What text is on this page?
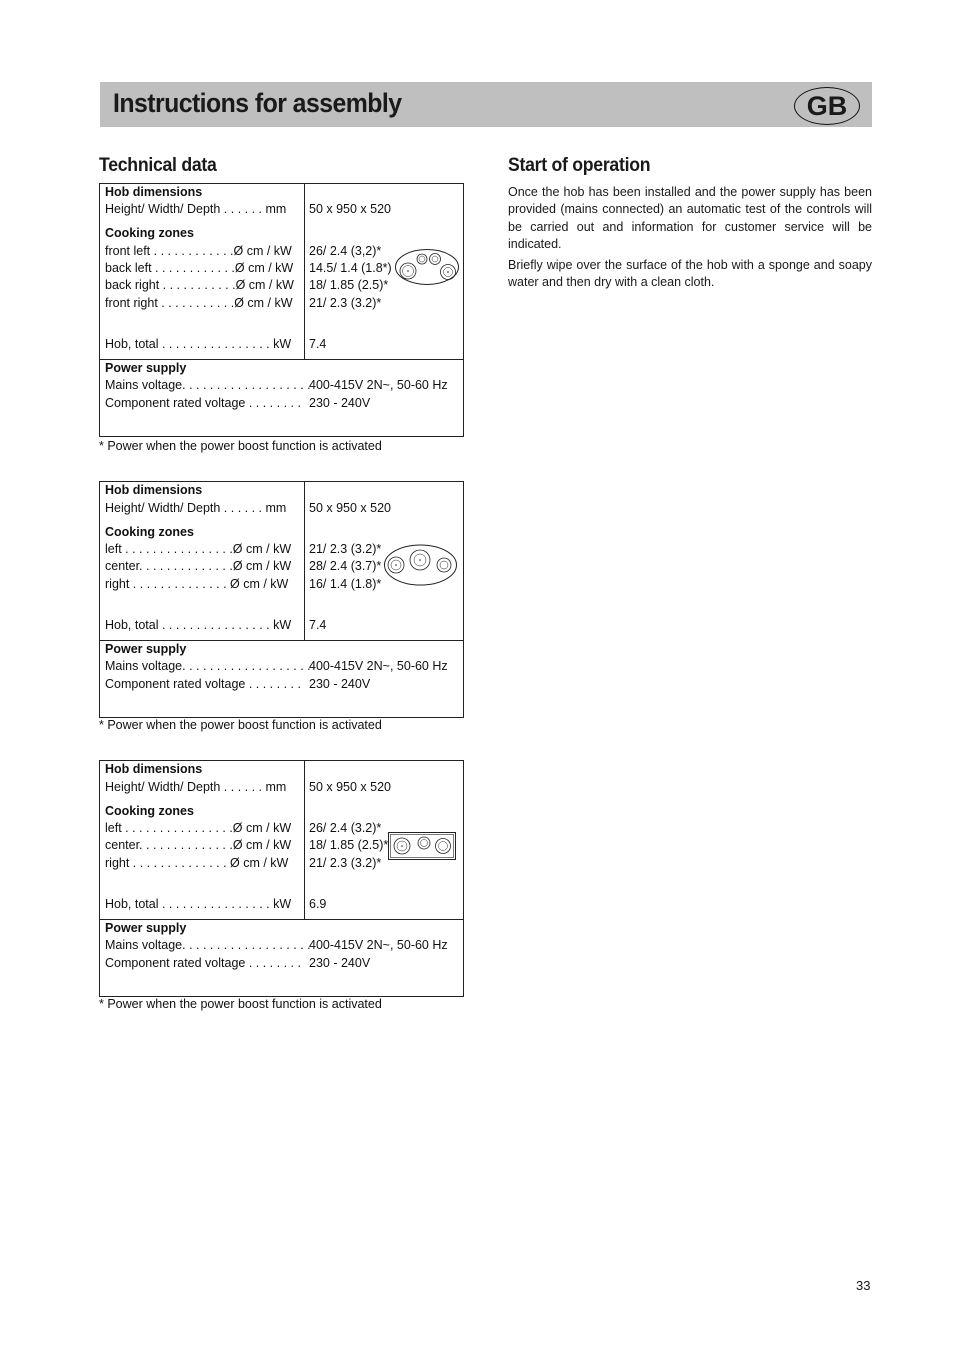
Instructions for assembly	GB
Technical data	Start of operation
Hob dimensions
Height/ Width/ Depth . . . . . . mm 50 x 950 x 520
Cooking zones
front left . . . . . . . . . . . .Ø cm / kW 26/ 2.4 (3,2)*
back left . . . . . . . . . . . .Ø cm / kW 14.5/ 1.4 (1.8*)
back right . . . . . . . . . . .Ø cm / kW 18/ 1.85 (2.5)*
front right . . . . . . . . . . .Ø cm / kW 21/ 2.3 (3.2)*
Hob, total . . . . . . . . . . . . . . . . kW 7.4
Power supply
Mains voltage. . . . . . . . . . . . . . . . . . .
400-415V 2N~, 50-60 Hz
Component rated voltage . . . . . . . . 230 - 240V
* Power when the power boost function is activated
Hob dimensions
Height/ Width/ Depth . . . . . . mm 50 x 950 x 520
Cooking zones
left . . . . . . . . . . . . . . . .Ø cm / kW 21/ 2.3 (3.2)*
center. . . . . . . . . . . . . .Ø cm / kW 28/ 2.4 (3.7)*
right . . . . . . . . . . . . . . Ø cm / kW 16/ 1.4 (1.8)*
Hob, total . . . . . . . . . . . . . . . . kW 7.4
Power supply
Mains voltage. . . . . . . . . . . . . . . . . . .
400-415V 2N~, 50-60 Hz
Component rated voltage . . . . . . . . 230 - 240V
* Power when the power boost function is activated
Hob dimensions
Height/ Width/ Depth . . . . . . mm 50 x 950 x 520
Cooking zones
left . . . . . . . . . . . . . . . .Ø cm / kW 26/ 2.4 (3.2)*
center. . . . . . . . . . . . . .Ø cm / kW 18/ 1.85 (2.5)*
right . . . . . . . . . . . . . . Ø cm / kW 21/ 2.3 (3.2)*
Hob, total . . . . . . . . . . . . . . . . kW 6.9
Power supply
Mains voltage. . . . . . . . . . . . . . . . . . .
400-415V 2N~, 50-60 Hz
Component rated voltage . . . . . . . . 230 - 240V
* Power when the power boost function is activated
Once the hob has been installed and the power supply has been provided (mains connected) an automatic test of the controls will be carried out and information for customer service will be indicated.
Briefly wipe over the surface of the hob with a sponge and soapy water and then dry with a clean cloth.
33
